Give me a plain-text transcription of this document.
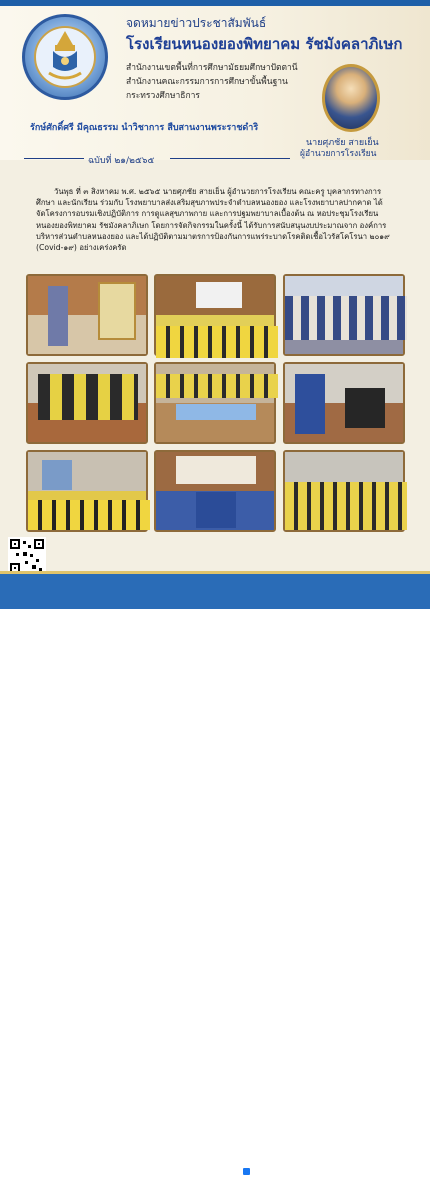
จดหมายข่าวประชาสัมพันธ์
โรงเรียนหนองยองพิทยาคม รัชมังคลาภิเษก
สำนักงานเขตพื้นที่การศึกษามัธยมศึกษาปัตตานี
สำนักงานคณะกรรมการการศึกษาขั้นพื้นฐาน
กระทรวงศึกษาธิการ
รักษ์ศักดิ์ศรี มีคุณธรรม นำวิชาการ สืบสานงานพระราชดำริ
นายศุภชัย สายเย็น
ผู้อำนวยการโรงเรียน
ฉบับที่ ๒๑/๒๕๖๕
วันพุธ ที่ ๓ สิงหาคม พ.ศ. ๒๕๖๕ นายศุภชัย สายเย็น ผู้อำนวยการโรงเรียน คณะครู บุคลากรทางการศึกษา และนักเรียน ร่วมกับ โรงพยาบาลส่งเสริมสุขภาพประจำตำบลหนองยอง และโรงพยาบาลปากคาด ได้จัดโครงการอบรมเชิงปฏิบัติการ การดูแลสุขภาพกาย และการปฐมพยาบาลเบื้องต้น ณ หอประชุมโรงเรียนหนองยองพิทยาคม รัชมังคลาภิเษก โดยการจัดกิจกรรมในครั้งนี้ ได้รับการสนับสนุนงบประมาณจาก องค์การบริหารส่วนตำบลหนองยอง และได้ปฏิบัติตามมาตรการป้องกันการแพร่ระบาดโรคติดเชื้อไวรัสโคโรนา ๒๐๑๙ (Covid-๑๙) อย่างเคร่งครัด
โรงเรียนหนองยองพิทยาคม รัชมังคลาภิเษก
๑๕ หมู่ ๒ ต.หนองยอง อ.ปากคาด จ.บึงกาฬ ๓๘๑๙๐
โทรศัพท์ ๐-๔๒๔๙-๐๒๒๐ Website : www.nypk.ac.th
Facebook : โรงเรียนหนองยองพิทยาคม รัชมังคลาภิเษก
